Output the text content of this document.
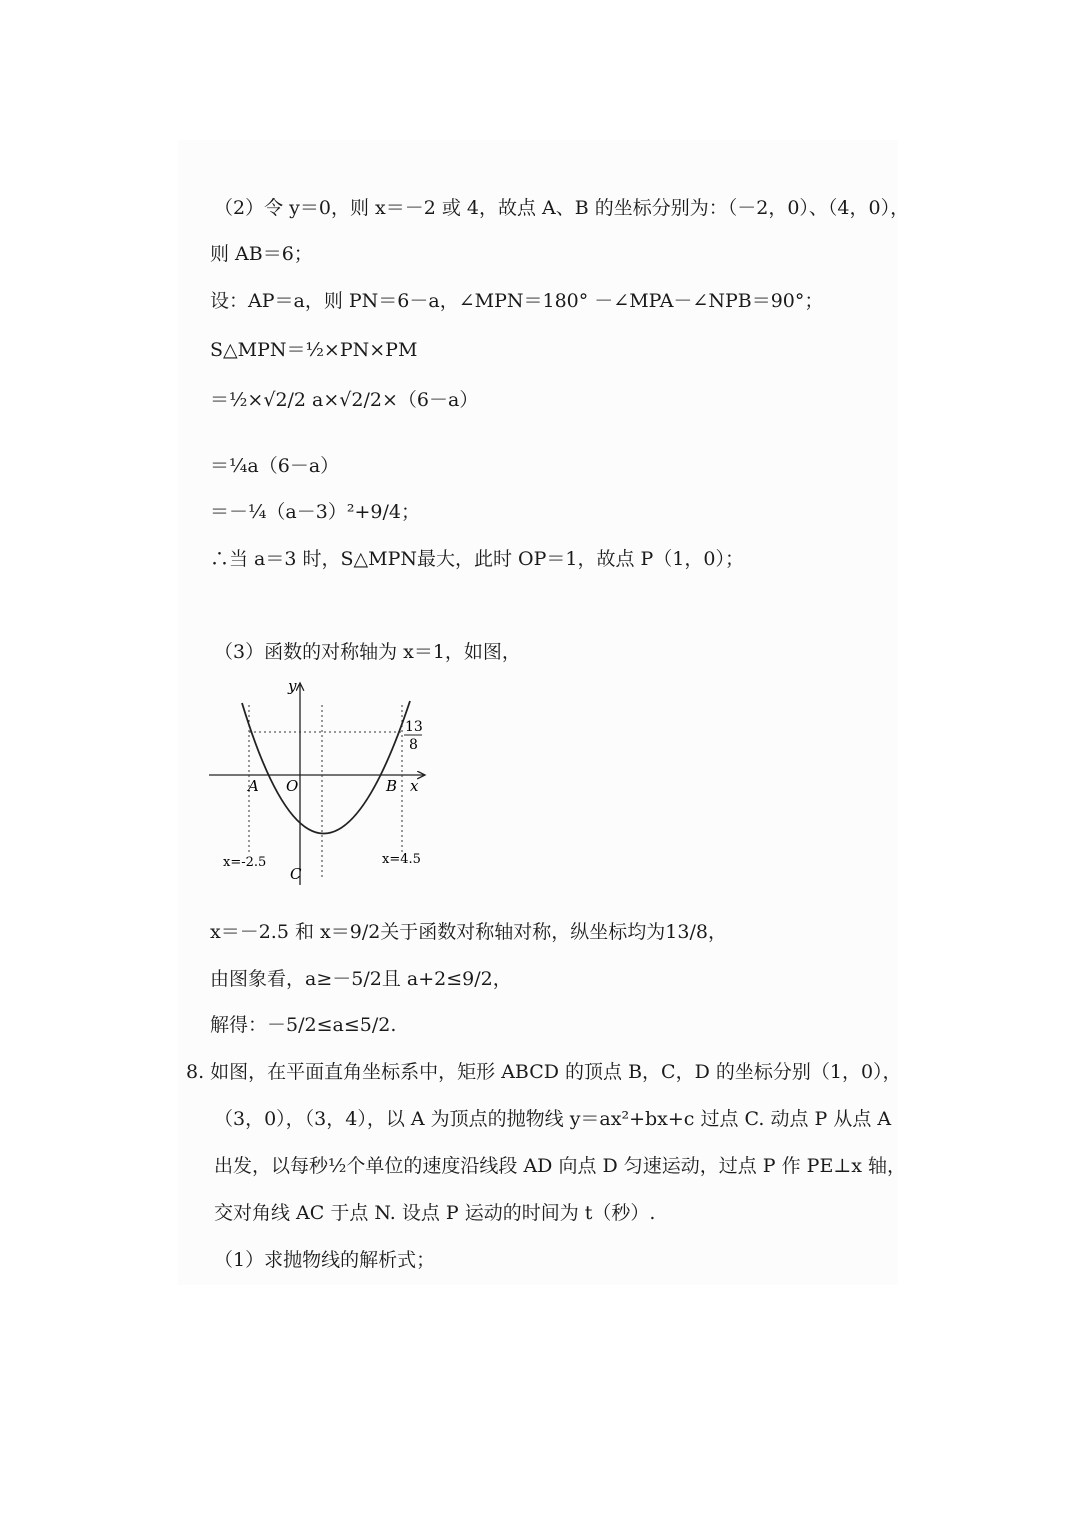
（2）令 y＝0，则 x＝－2 或 4，故点 A、B 的坐标分别为：（－2，0）、（4，0），
则 AB＝6；
设：AP＝a，则 PN＝6－a，∠MPN＝180° －∠MPA－∠NPB＝90°；
S△MPN＝½×PN×PM
＝½×√2/2 a×√2/2×（6－a）
＝¼a（6－a）
＝－¼（a－3）²+9/4；
∴当 a＝3 时，S△MPN最大，此时 OP＝1，故点 P（1，0）；
（3）函数的对称轴为 x＝1，如图，
y
x
O
A	B
C
13
8
x=-2.5	x=4.5
x＝－2.5 和 x＝9/2关于函数对称轴对称，纵坐标均为13/8，
由图象看，a≥－5/2且 a+2≤9/2，
解得：－5/2≤a≤5/2.
8. 如图，在平面直角坐标系中，矩形 ABCD 的顶点 B，C，D 的坐标分别（1，0），
（3，0），（3，4），以 A 为顶点的抛物线 y＝ax²+bx+c 过点 C. 动点 P 从点 A
出发，以每秒½个单位的速度沿线段 AD 向点 D 匀速运动，过点 P 作 PE⊥x 轴，
交对角线 AC 于点 N. 设点 P 运动的时间为 t（秒）.
（1）求抛物线的解析式；
